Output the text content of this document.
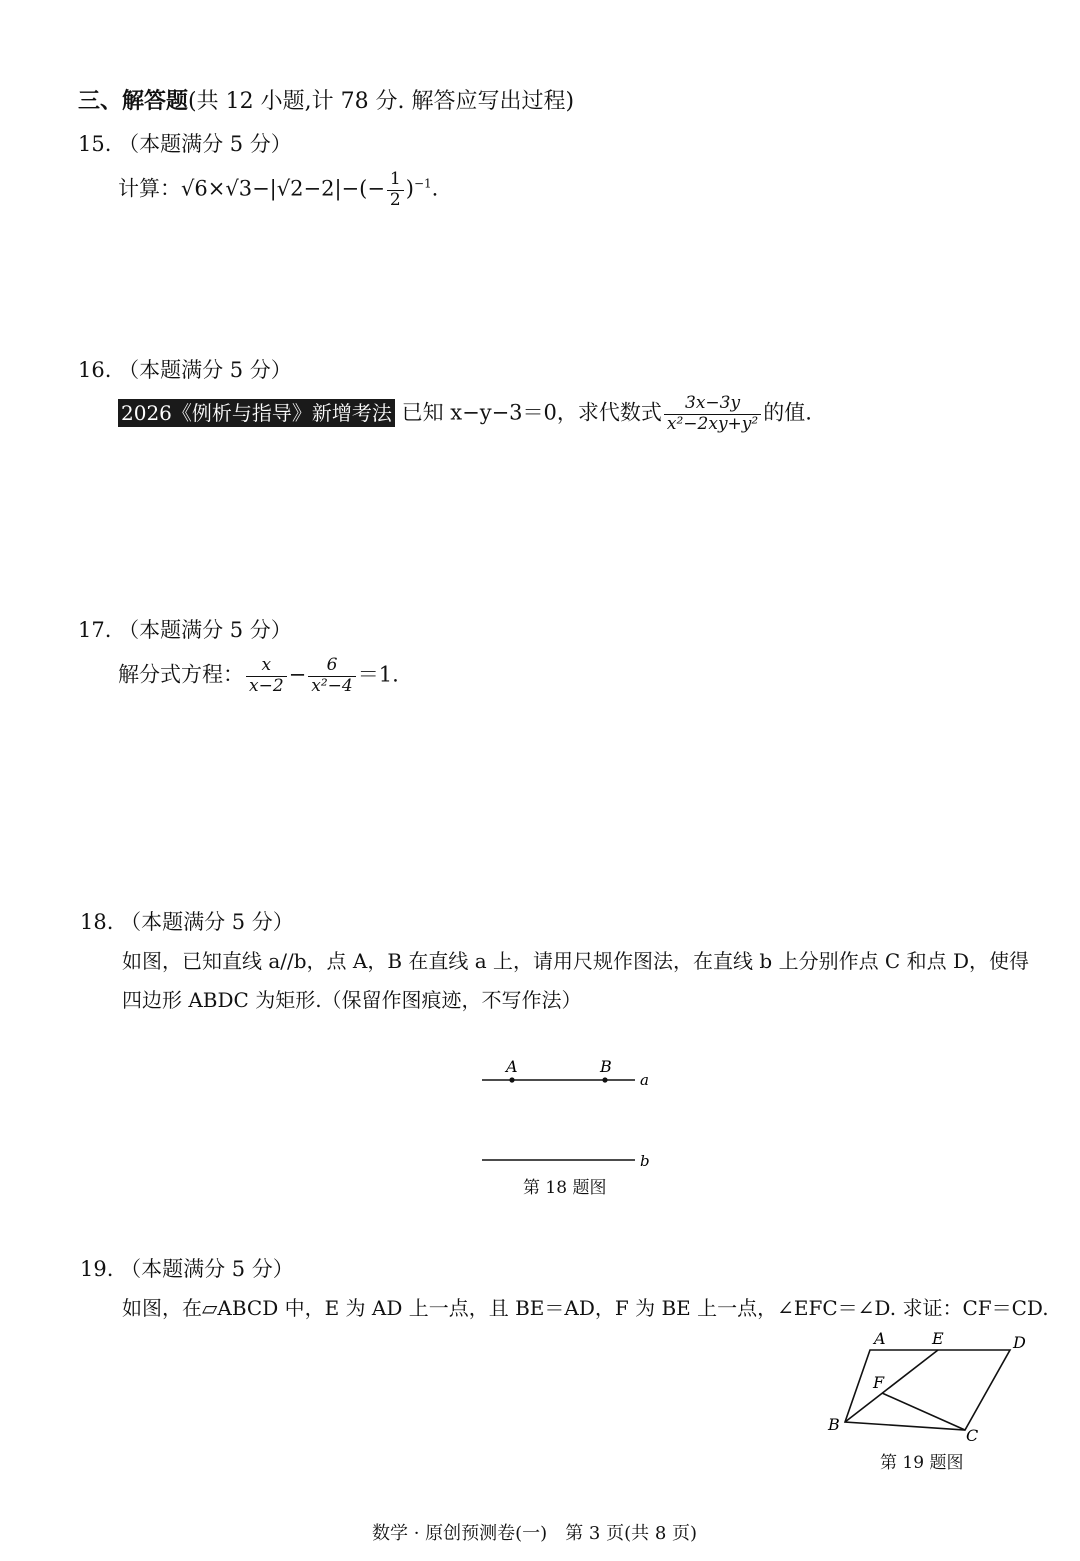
三、解答题(共 12 小题,计 78 分. 解答应写出过程)
15. （本题满分 5 分）
计算：$√6\times√3-|√2-2|-(- \frac{1}{2} )^{-1}$.
16. （本题满分 5 分）
2026《例析与指导》新增考法 已知 x−y−3＝0，求代数式 $\frac{3x-3y}{\text{x²−2xy+y²}}$ 的值.
17. （本题满分 5 分）
解分式方程： $\frac{x}{x-2} - \frac{6}{\text{x²−4}} =1$.
18. （本题满分 5 分）
如图，已知直线 a//b，点 A，B 在直线 a 上，请用尺规作图法，在直线 b 上分别作点 C 和点 D，使得
四边形 ABDC 为矩形.（保留作图痕迹，不写作法）
A	B
a
b
第 18 题图
19. （本题满分 5 分）
如图，在▱ABCD 中，E 为 AD 上一点，且 BE＝AD，F 为 BE 上一点，∠EFC＝∠D. 求证：CF＝CD.
A	E	D
F
B
C
第 19 题图
数学 · 原创预测卷(一)　第 3 页(共 8 页)
